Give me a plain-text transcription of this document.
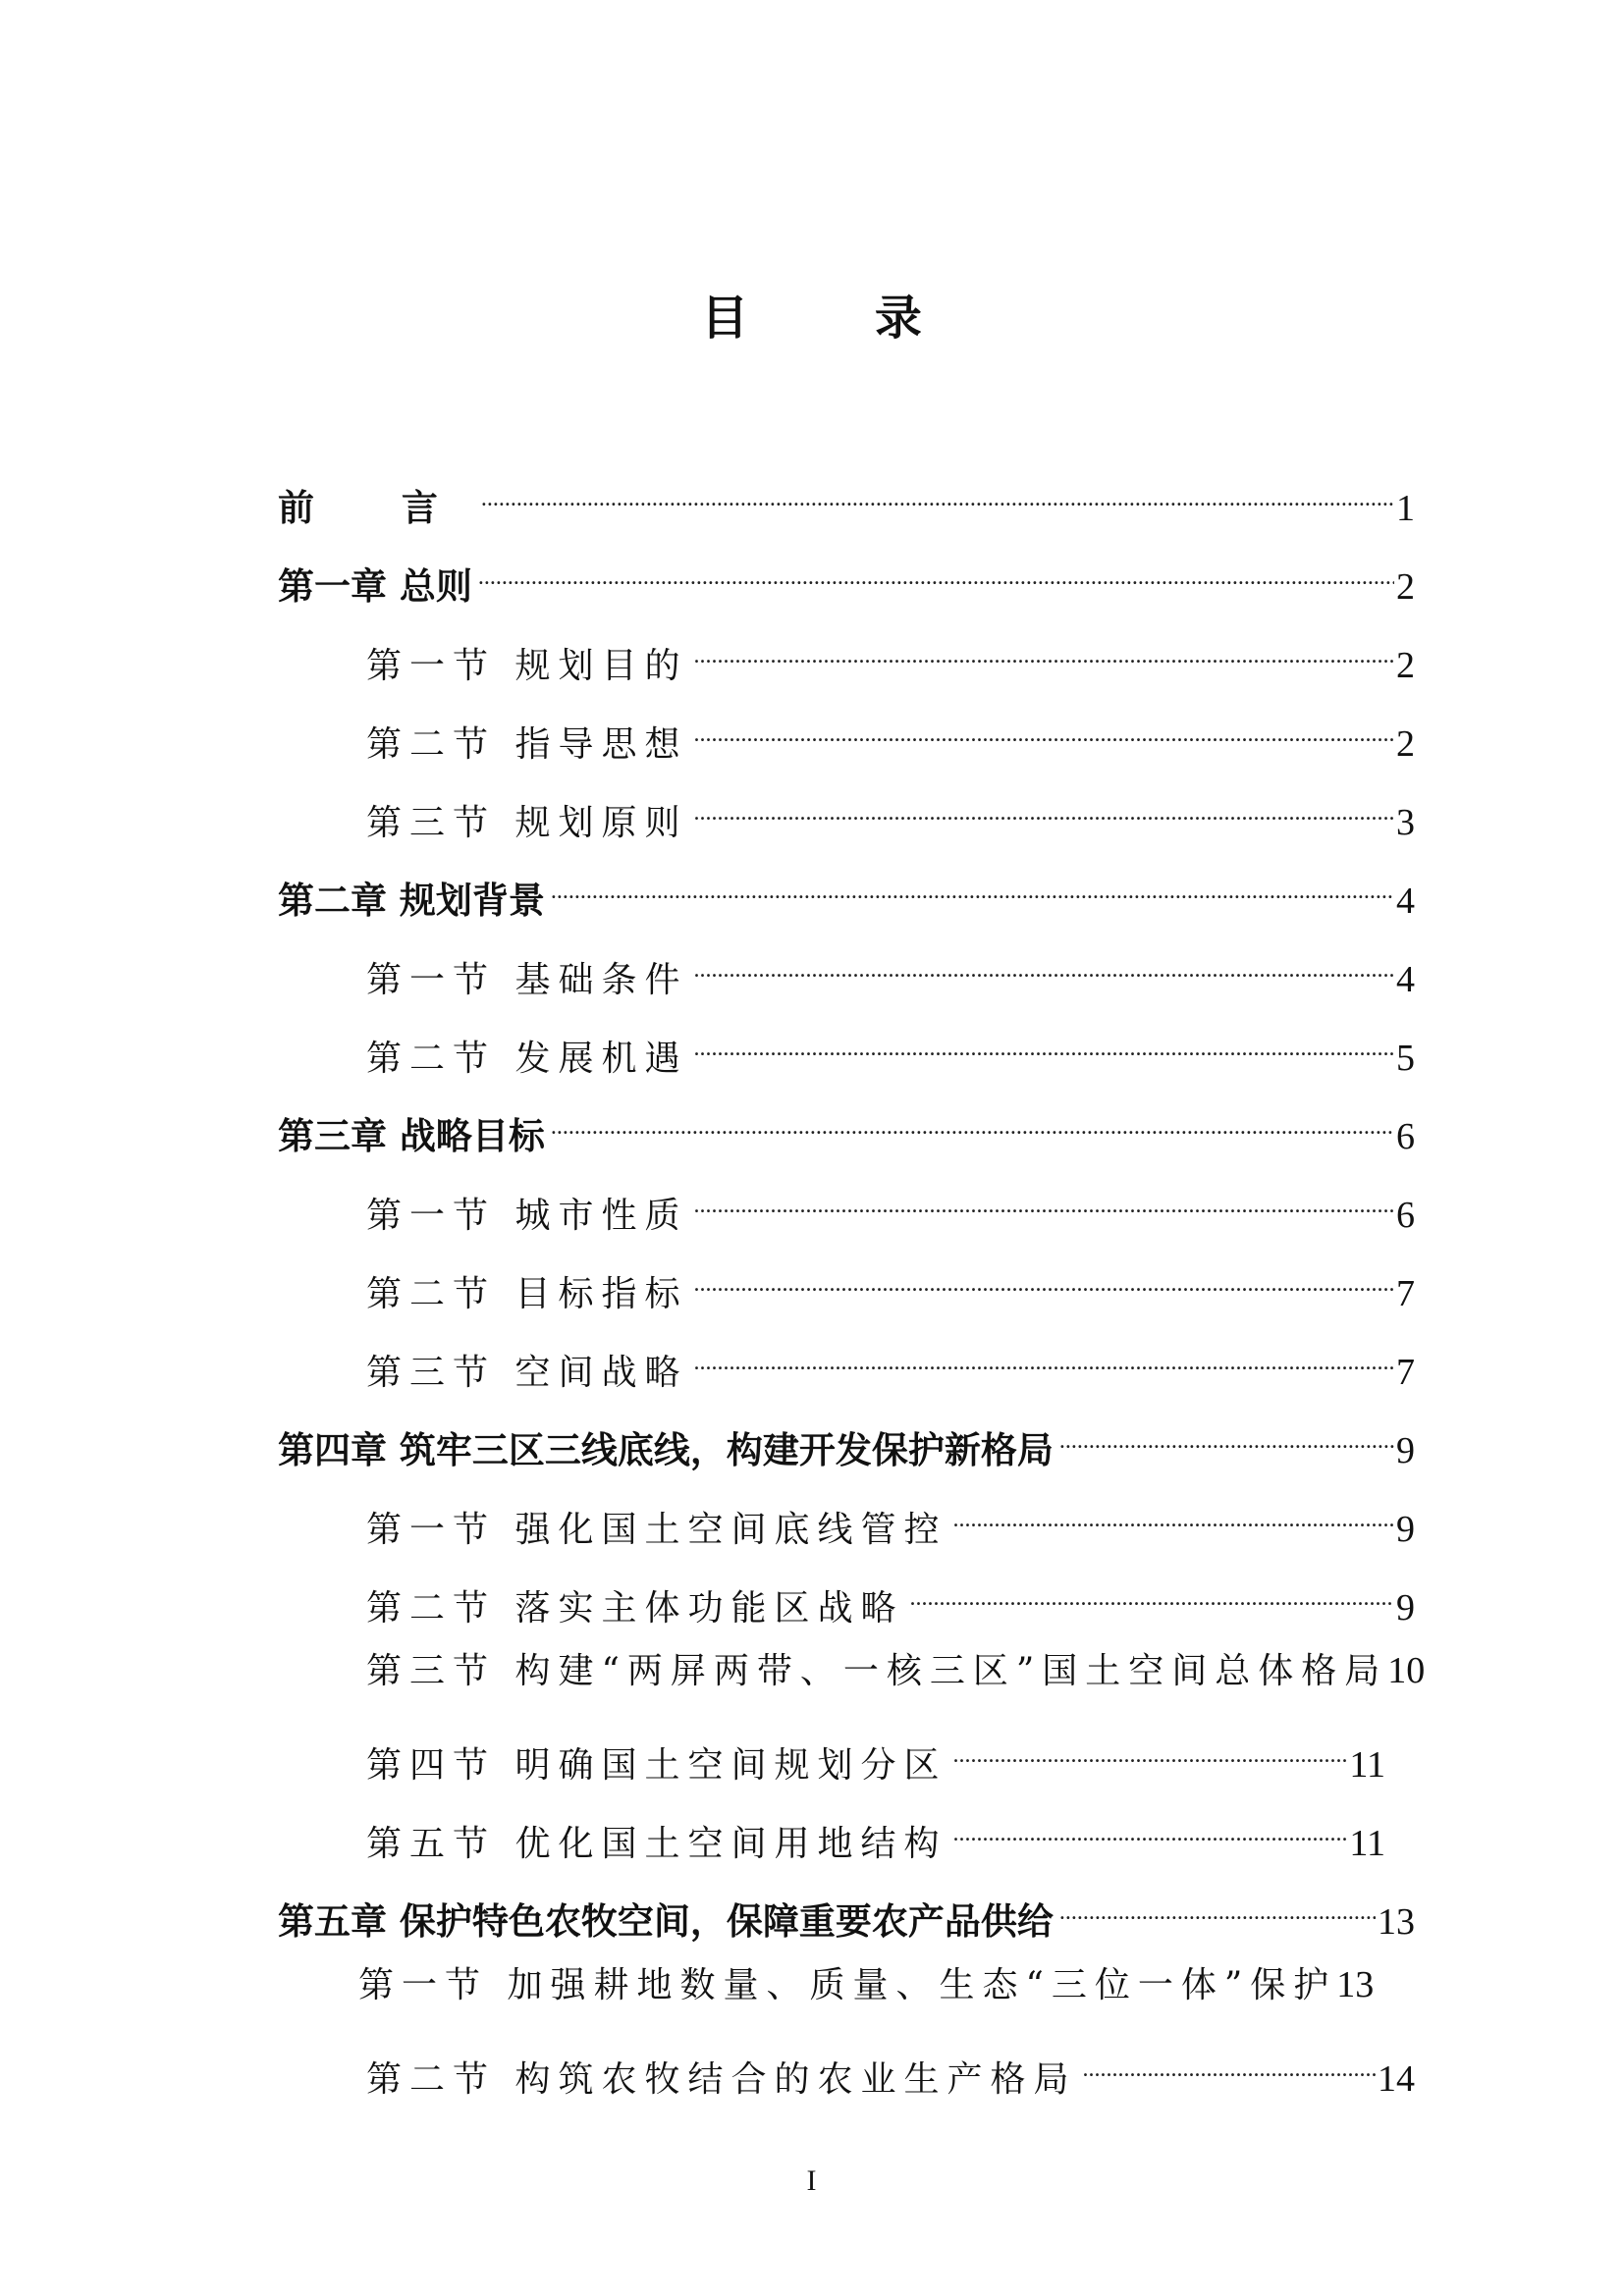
目 录
前 言 .....	1
第一章 总则 .....	2
第一节 规划目的 .....	2
第二节 指导思想 .....	2
第三节 规划原则 .....	3
第二章 规划背景 .....	4
第一节 基础条件 .....	4
第二节 发展机遇 .....	5
第三章 战略目标 .....	6
第一节 城市性质 .....	6
第二节 目标指标 .....	7
第三节 空间战略 .....	7
第四章 筑牢三区三线底线，构建开发保护新格局 .....	9
第一节 强化国土空间底线管控 .....	9
第二节 落实主体功能区战略 .....	9
第三节 构建“两屏两带、一核三区”国土空间总体格局 10
第四节 明确国土空间规划分区 .....	11
第五节 优化国土空间用地结构 .....	11
第五章 保护特色农牧空间，保障重要农产品供给 .....	13
第一节 加强耕地数量、质量、生态“三位一体”保护 13
第二节 构筑农牧结合的农业生产格局 .....	14
I
